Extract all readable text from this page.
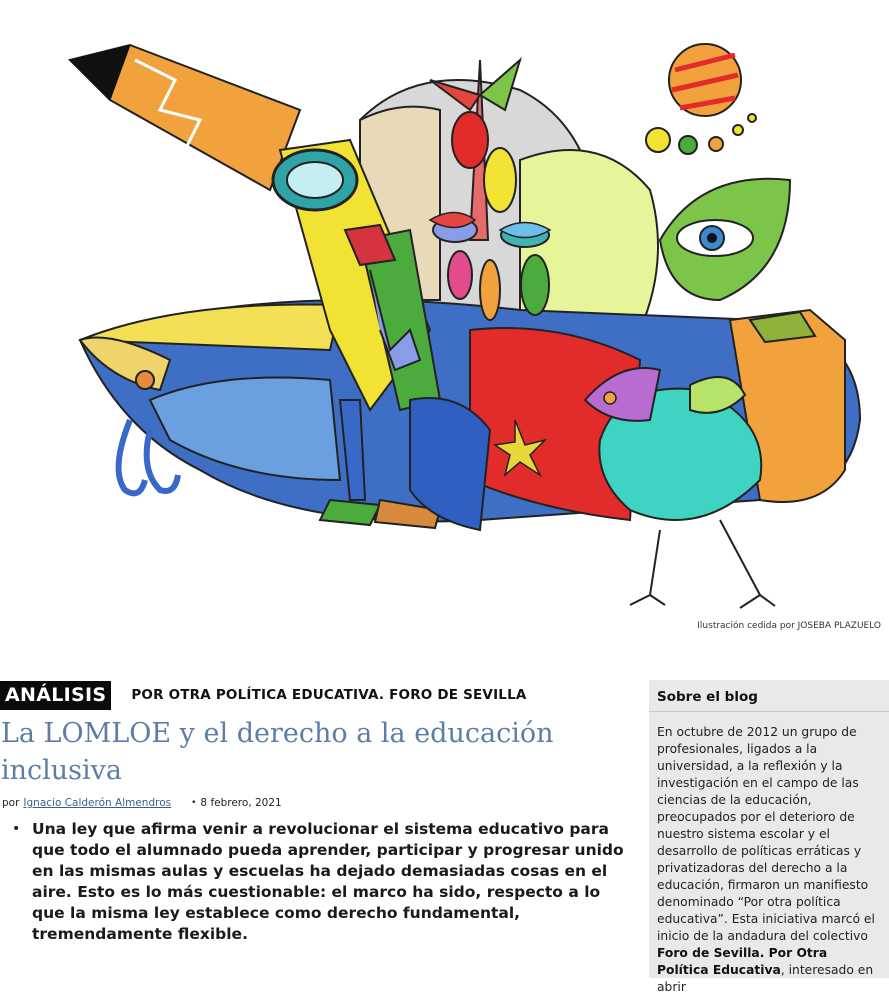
Ilustración cedida por JOSEBA PLAZUELO
ANÁLISIS	POR OTRA POLÍTICA EDUCATIVA. FORO DE SEVILLA
La LOMLOE y el derecho a la educación inclusiva
por Ignacio Calderón Almendros • 8 febrero, 2021
• Una ley que afirma venir a revolucionar el sistema educativo para que todo el alumnado pueda aprender, participar y progresar unido en las mismas aulas y escuelas ha dejado demasiadas cosas en el aire. Esto es lo más cuestionable: el marco ha sido, respecto a lo que la misma ley establece como derecho fundamental, tremendamente flexible.

Sobre el blog
En octubre de 2012 un grupo de profesionales, ligados a la universidad, a la reflexión y la investigación en el campo de las ciencias de la educación, preocupados por el deterioro de nuestro sistema escolar y el desarrollo de políticas erráticas y privatizadoras del derecho a la educación, firmaron un manifiesto denominado “Por otra política educativa”. Esta iniciativa marcó el inicio de la andadura del colectivo Foro de Sevilla. Por Otra Política Educativa, interesado en abrir
